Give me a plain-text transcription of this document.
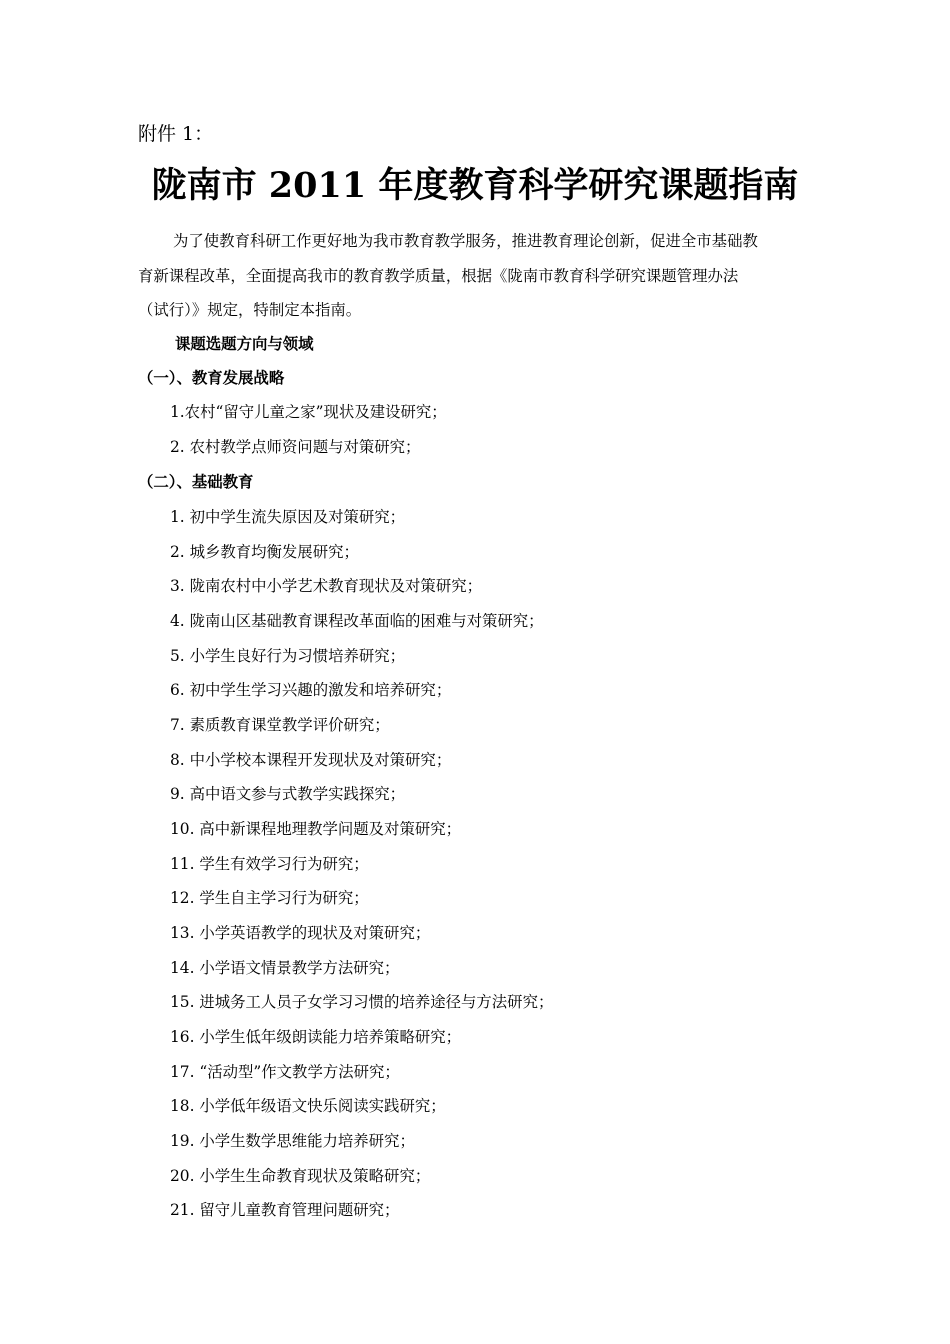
附件 1：
陇南市 2011 年度教育科学研究课题指南
为了使教育科研工作更好地为我市教育教学服务，推进教育理论创新，促进全市基础教
育新课程改革，全面提高我市的教育教学质量，根据《陇南市教育科学研究课题管理办法
（试行）》规定，特制定本指南。
课题选题方向与领域
（一）、教育发展战略
1.农村“留守儿童之家”现状及建设研究；
2. 农村教学点师资问题与对策研究；
（二）、基础教育
1. 初中学生流失原因及对策研究；
2. 城乡教育均衡发展研究；
3. 陇南农村中小学艺术教育现状及对策研究；
4. 陇南山区基础教育课程改革面临的困难与对策研究；
5. 小学生良好行为习惯培养研究；
6. 初中学生学习兴趣的激发和培养研究；
7. 素质教育课堂教学评价研究；
8. 中小学校本课程开发现状及对策研究；
9. 高中语文参与式教学实践探究；
10. 高中新课程地理教学问题及对策研究；
11. 学生有效学习行为研究；
12. 学生自主学习行为研究；
13. 小学英语教学的现状及对策研究；
14. 小学语文情景教学方法研究；
15. 进城务工人员子女学习习惯的培养途径与方法研究；
16. 小学生低年级朗读能力培养策略研究；
17. “活动型”作文教学方法研究；
18. 小学低年级语文快乐阅读实践研究；
19. 小学生数学思维能力培养研究；
20. 小学生生命教育现状及策略研究；
21. 留守儿童教育管理问题研究；
